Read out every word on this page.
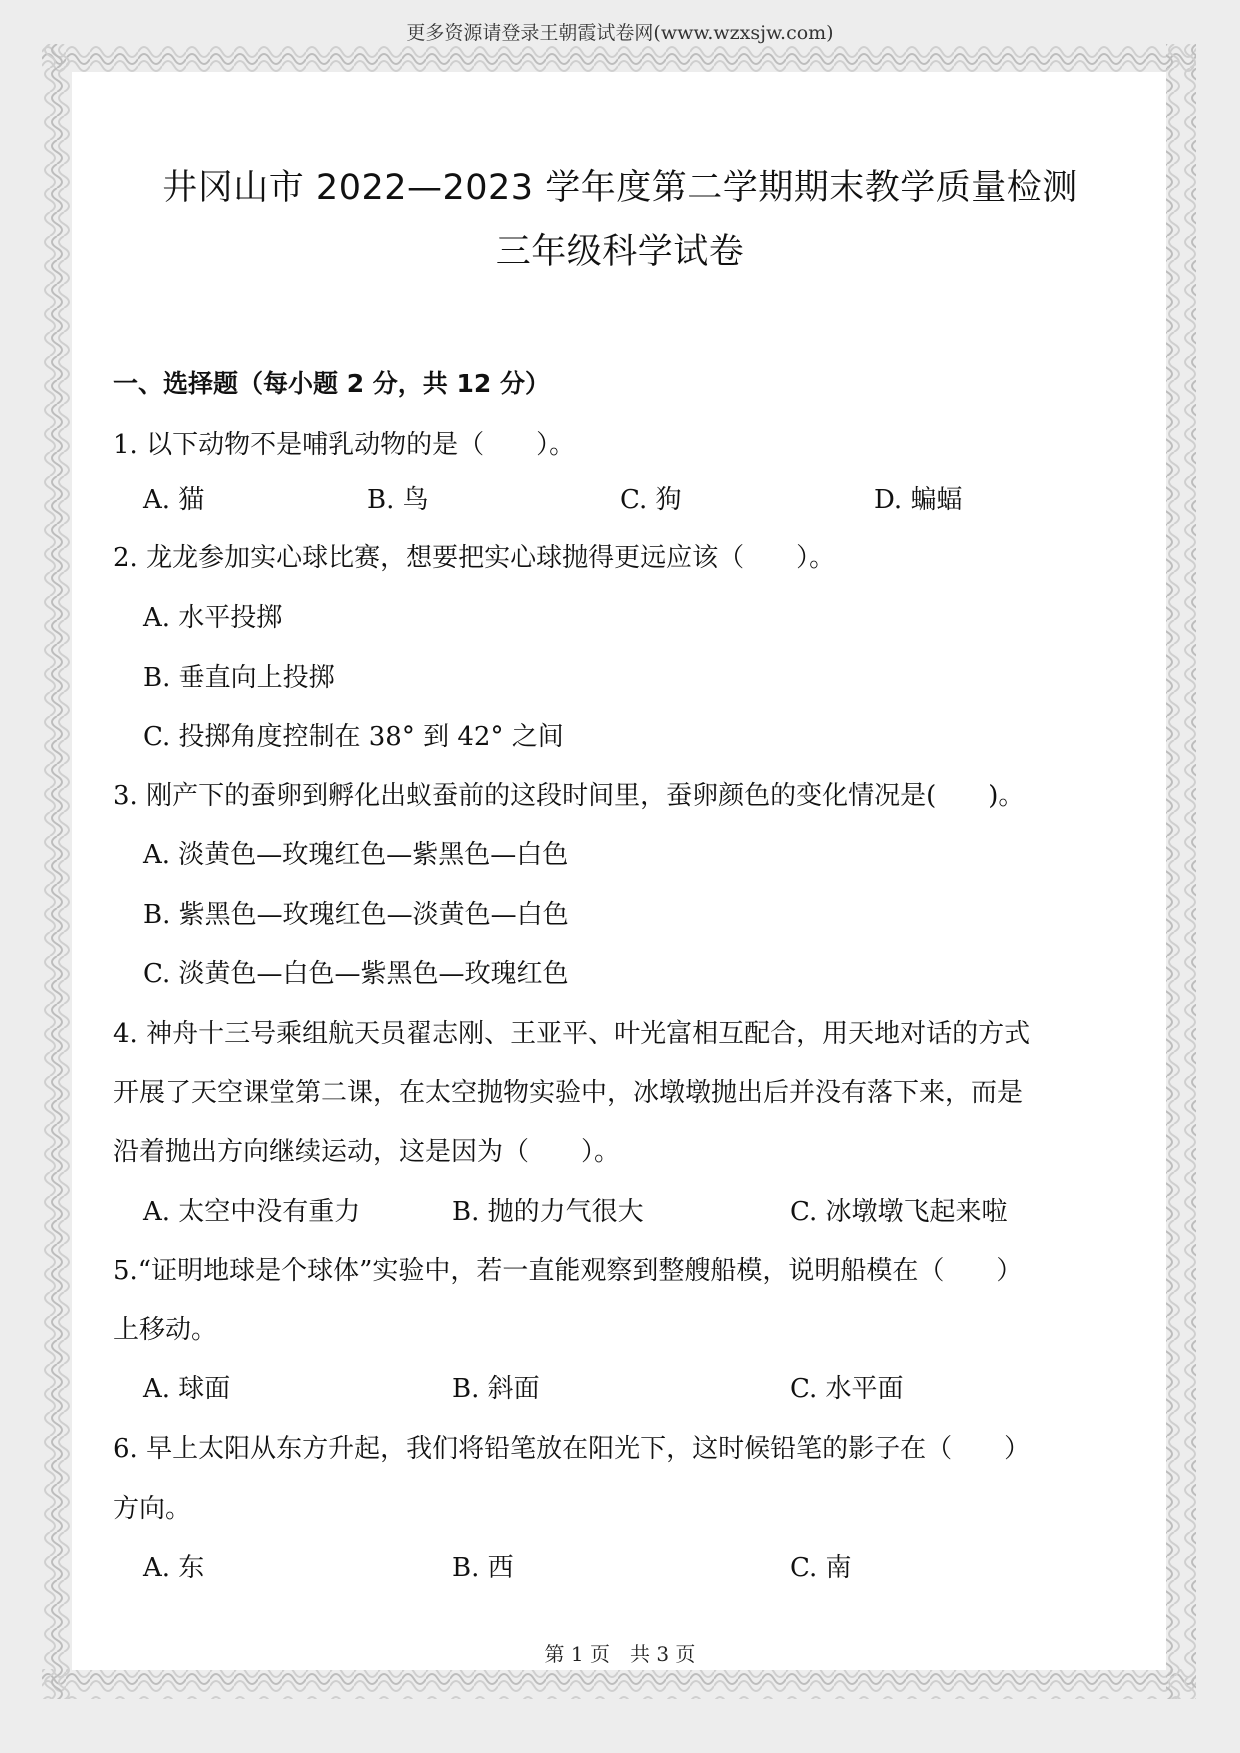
更多资源请登录王朝霞试卷网(www.wzxsjw.com)
井冈山市 2022—2023 学年度第二学期期末教学质量检测
三年级科学试卷
一、选择题（每小题 2 分，共 12 分）
1. 以下动物不是哺乳动物的是（　　）。
A. 猫	B. 鸟	C. 狗	D. 蝙蝠
2. 龙龙参加实心球比赛，想要把实心球抛得更远应该（　　）。
A. 水平投掷
B. 垂直向上投掷
C. 投掷角度控制在 38° 到 42° 之间
3. 刚产下的蚕卵到孵化出蚁蚕前的这段时间里，蚕卵颜色的变化情况是(　　)。
A. 淡黄色—玫瑰红色—紫黑色—白色
B. 紫黑色—玫瑰红色—淡黄色—白色
C. 淡黄色—白色—紫黑色—玫瑰红色
4. 神舟十三号乘组航天员翟志刚、王亚平、叶光富相互配合，用天地对话的方式
开展了天空课堂第二课，在太空抛物实验中，冰墩墩抛出后并没有落下来，而是
沿着抛出方向继续运动，这是因为（　　）。
A. 太空中没有重力	B. 抛的力气很大	C. 冰墩墩飞起来啦
5.“证明地球是个球体”实验中，若一直能观察到整艘船模，说明船模在（　　）
上移动。
A. 球面	B. 斜面	C. 水平面
6. 早上太阳从东方升起，我们将铅笔放在阳光下，这时候铅笔的影子在（　　）
方向。
A. 东	B. 西	C. 南
第 1 页　共 3 页
